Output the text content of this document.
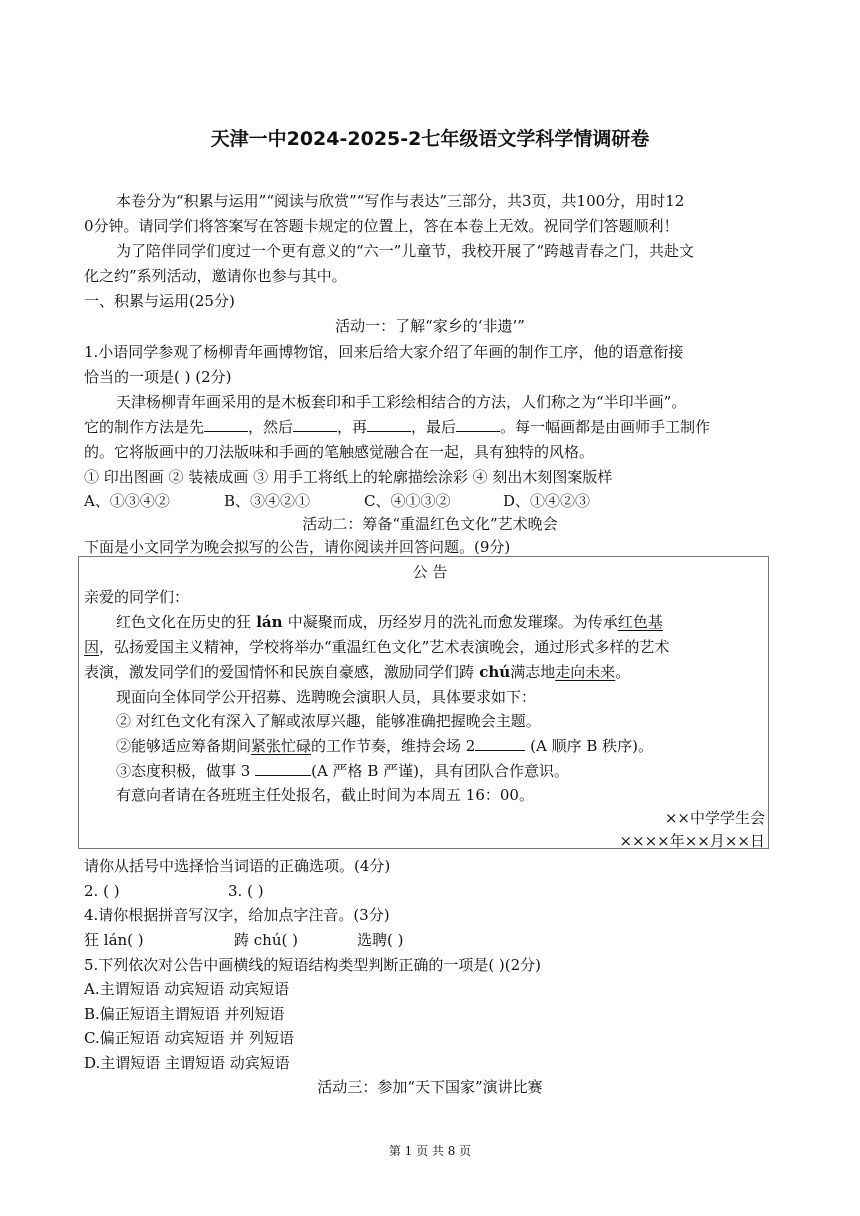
天津一中2024-2025-2七年级语文学科学情调研卷
本卷分为“积累与运用”“阅读与欣赏”“写作与表达”三部分，共3页，共100分，用时12
0分钟。请同学们将答案写在答题卡规定的位置上，答在本卷上无效。祝同学们答题顺利！
为了陪伴同学们度过一个更有意义的“六一”儿童节，我校开展了“跨越青春之门，共赴文
化之约”系列活动，邀请你也参与其中。
一、积累与运用(25分)
活动一：了解“家乡的‘非遗’”
1.小语同学参观了杨柳青年画博物馆，回来后给大家介绍了年画的制作工序，他的语意衔接
恰当的一项是( ) (2分)
天津杨柳青年画采用的是木板套印和手工彩绘相结合的方法，人们称之为“半印半画”。
它的制作方法是先	，然后	，再	，最后	。每一幅画都是由画师手工制作
的。它将版画中的刀法版味和手画的笔触感觉融合在一起，具有独特的风格。
① 印出图画 ② 装裱成画 ③ 用手工将纸上的轮廓描绘涂彩 ④ 刻出木刻图案版样
A、①③④②	B、③④②①	C、④①③②	D、①④②③
活动二：筹备“重温红色文化”艺术晚会
下面是小文同学为晚会拟写的公告，请你阅读并回答问题。(9分)
公 告
亲爱的同学们：
红色文化在历史的狂 lán 中凝聚而成，历经岁月的洗礼而愈发璀璨。为传承红色基
因，弘扬爱国主义精神，学校将举办“重温红色文化”艺术表演晚会，通过形式多样的艺术
表演，激发同学们的爱国情怀和民族自豪感，激励同学们踌 chú满志地走向未来。
现面向全体同学公开招募、选聘晚会演职人员，具体要求如下：
② 对红色文化有深入了解或浓厚兴趣，能够准确把握晚会主题。
②能够适应筹备期间紧张忙碌的工作节奏，维持会场 2	(A 顺序 B 秩序)。
③态度积极，做事 3	(A 严格 B 严谨)，具有团队合作意识。
有意向者请在各班班主任处报名，截止时间为本周五 16：00。
××中学学生会
××××年××月××日
请你从括号中选择恰当词语的正确选项。(4分)
2. ( )	3. ( )
4.请你根据拼音写汉字，给加点字注音。(3分)
狂 lán( )	踌 chú( )	选聘( )
5.下列依次对公告中画横线的短语结构类型判断正确的一项是( )(2分)
A.主谓短语 动宾短语 动宾短语
B.偏正短语主谓短语 并列短语
C.偏正短语 动宾短语 并 列短语
D.主谓短语 主谓短语 动宾短语
活动三：参加“天下国家”演讲比赛
第 1 页 共 8 页
